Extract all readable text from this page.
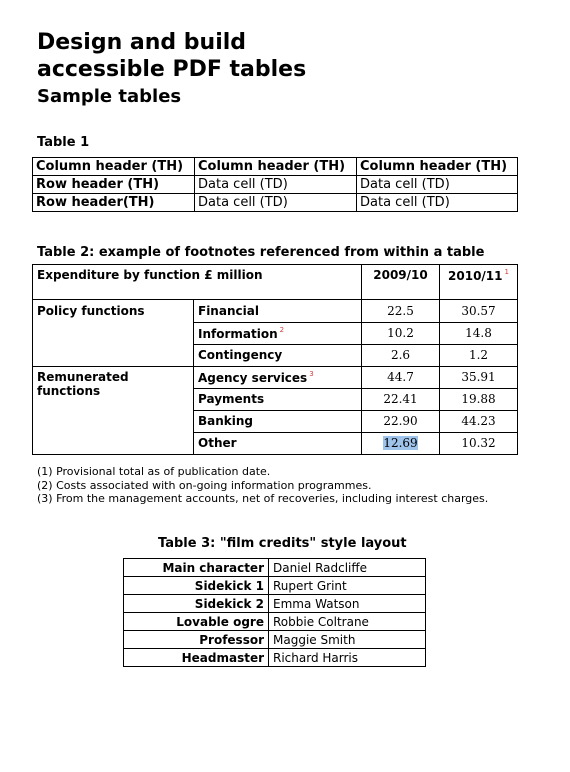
Design and build
accessible PDF tables
Sample tables
Table 1
Column header (TH)	Column header (TH)	Column header (TH)
Row header (TH)	Data cell (TD)	Data cell (TD)
Row header(TH)	Data cell (TD)	Data cell (TD)
Table 2: example of footnotes referenced from within a table
Expenditure by function £ million		2009/10	2010/11 $^1$
Policy functions	Financial	22.5	30.57
	Information $^2$	10.2	14.8
	Contingency	2.6	1.2
Remunerated functions	Agency services $^3$	44.7	35.91
	Payments	22.41	19.88
	Banking	22.90	44.23
	Other	12.69	10.32
(1) Provisional total as of publication date.
(2) Costs associated with on-going information programmes.
(3) From the management accounts, net of recoveries, including interest charges.
Table 3: "film credits" style layout
Main character	Daniel Radcliffe
Sidekick 1	Rupert Grint
Sidekick 2	Emma Watson
Lovable ogre	Robbie Coltrane
Professor	Maggie Smith
Headmaster	Richard Harris
